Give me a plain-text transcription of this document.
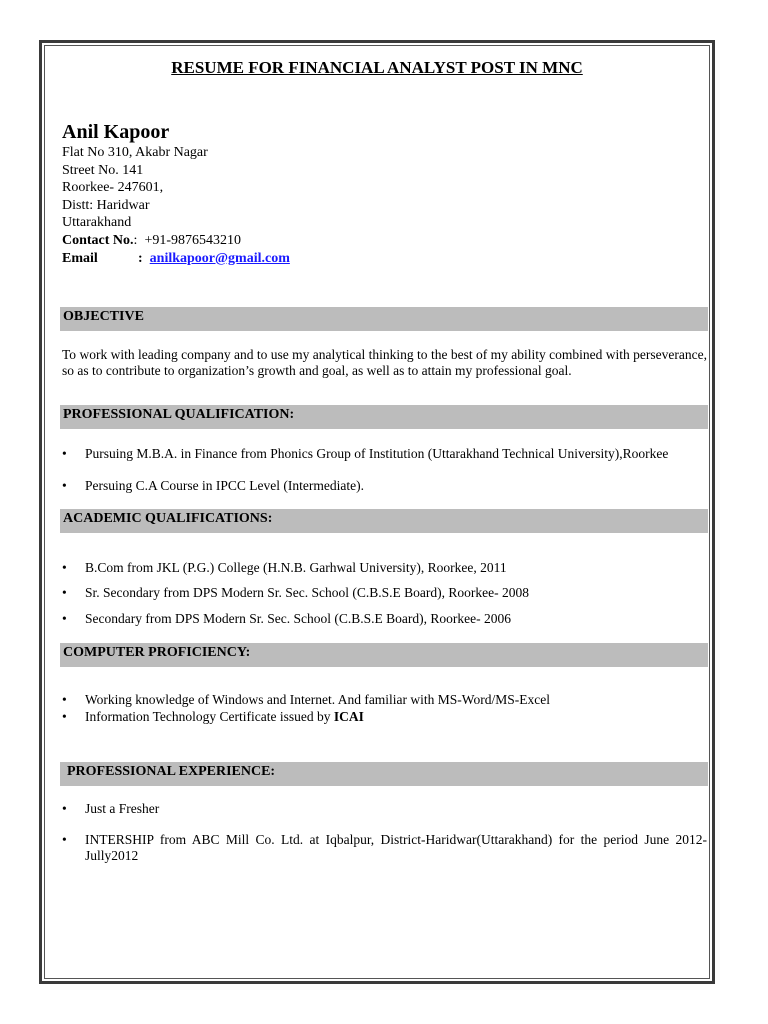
RESUME FOR FINANCIAL ANALYST POST IN MNC
Anil Kapoor
Flat No 310, Akabr Nagar
Street No. 141
Roorkee- 247601,
Distt: Haridwar
Uttarakhand
Contact No.: +91-9876543210
Email	: anilkapoor@gmail.com
OBJECTIVE
To work with leading company and to use my analytical thinking to the best of my ability combined with perseverance, so as to contribute to organization’s growth and goal, as well as to attain my professional goal.
PROFESSIONAL QUALIFICATION:
• Pursuing M.B.A. in Finance from Phonics Group of Institution (Uttarakhand Technical University),Roorkee
• Persuing C.A Course in IPCC Level (Intermediate).
ACADEMIC QUALIFICATIONS:
• B.Com from JKL (P.G.) College (H.N.B. Garhwal University), Roorkee, 2011
• Sr. Secondary from DPS Modern Sr. Sec. School (C.B.S.E Board), Roorkee- 2008
• Secondary from DPS Modern Sr. Sec. School (C.B.S.E Board), Roorkee- 2006
COMPUTER PROFICIENCY:
• Working knowledge of Windows and Internet. And familiar with MS-Word/MS-Excel
• Information Technology Certificate issued by ICAI
PROFESSIONAL EXPERIENCE:
• Just a Fresher
• INTERSHIP from ABC Mill Co. Ltd. at Iqbalpur, District-Haridwar(Uttarakhand) for the period June 2012-Jully2012
